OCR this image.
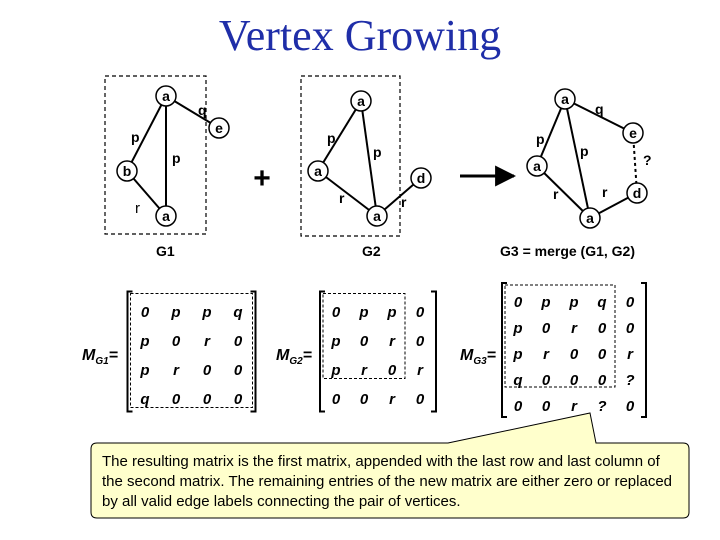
Vertex Growing
a
e
b
a
q
p
p
r
G1
+
a
a	d
a
p
p
r	r
G2
a
e
a
d
a
q
p
p
r	r
?
G3 = merge (G1, G2)
$M_{G1}=$
0 p p q
p 0 r 0
p r 0 0
q 0 0 0
$M_{G2}=$
0 p p 0
p 0 r 0
p r 0 r
0 0 r 0
$M_{G3}=$
0 p p q 0
p 0 r 0 0
p r 0 0 r
q 0 0 0 ?
0 0 r ? 0
The resulting matrix is the first matrix, appended with the last row and last column of the second matrix. The remaining entries of the new matrix are either zero or replaced by all valid edge labels connecting the pair of vertices.
